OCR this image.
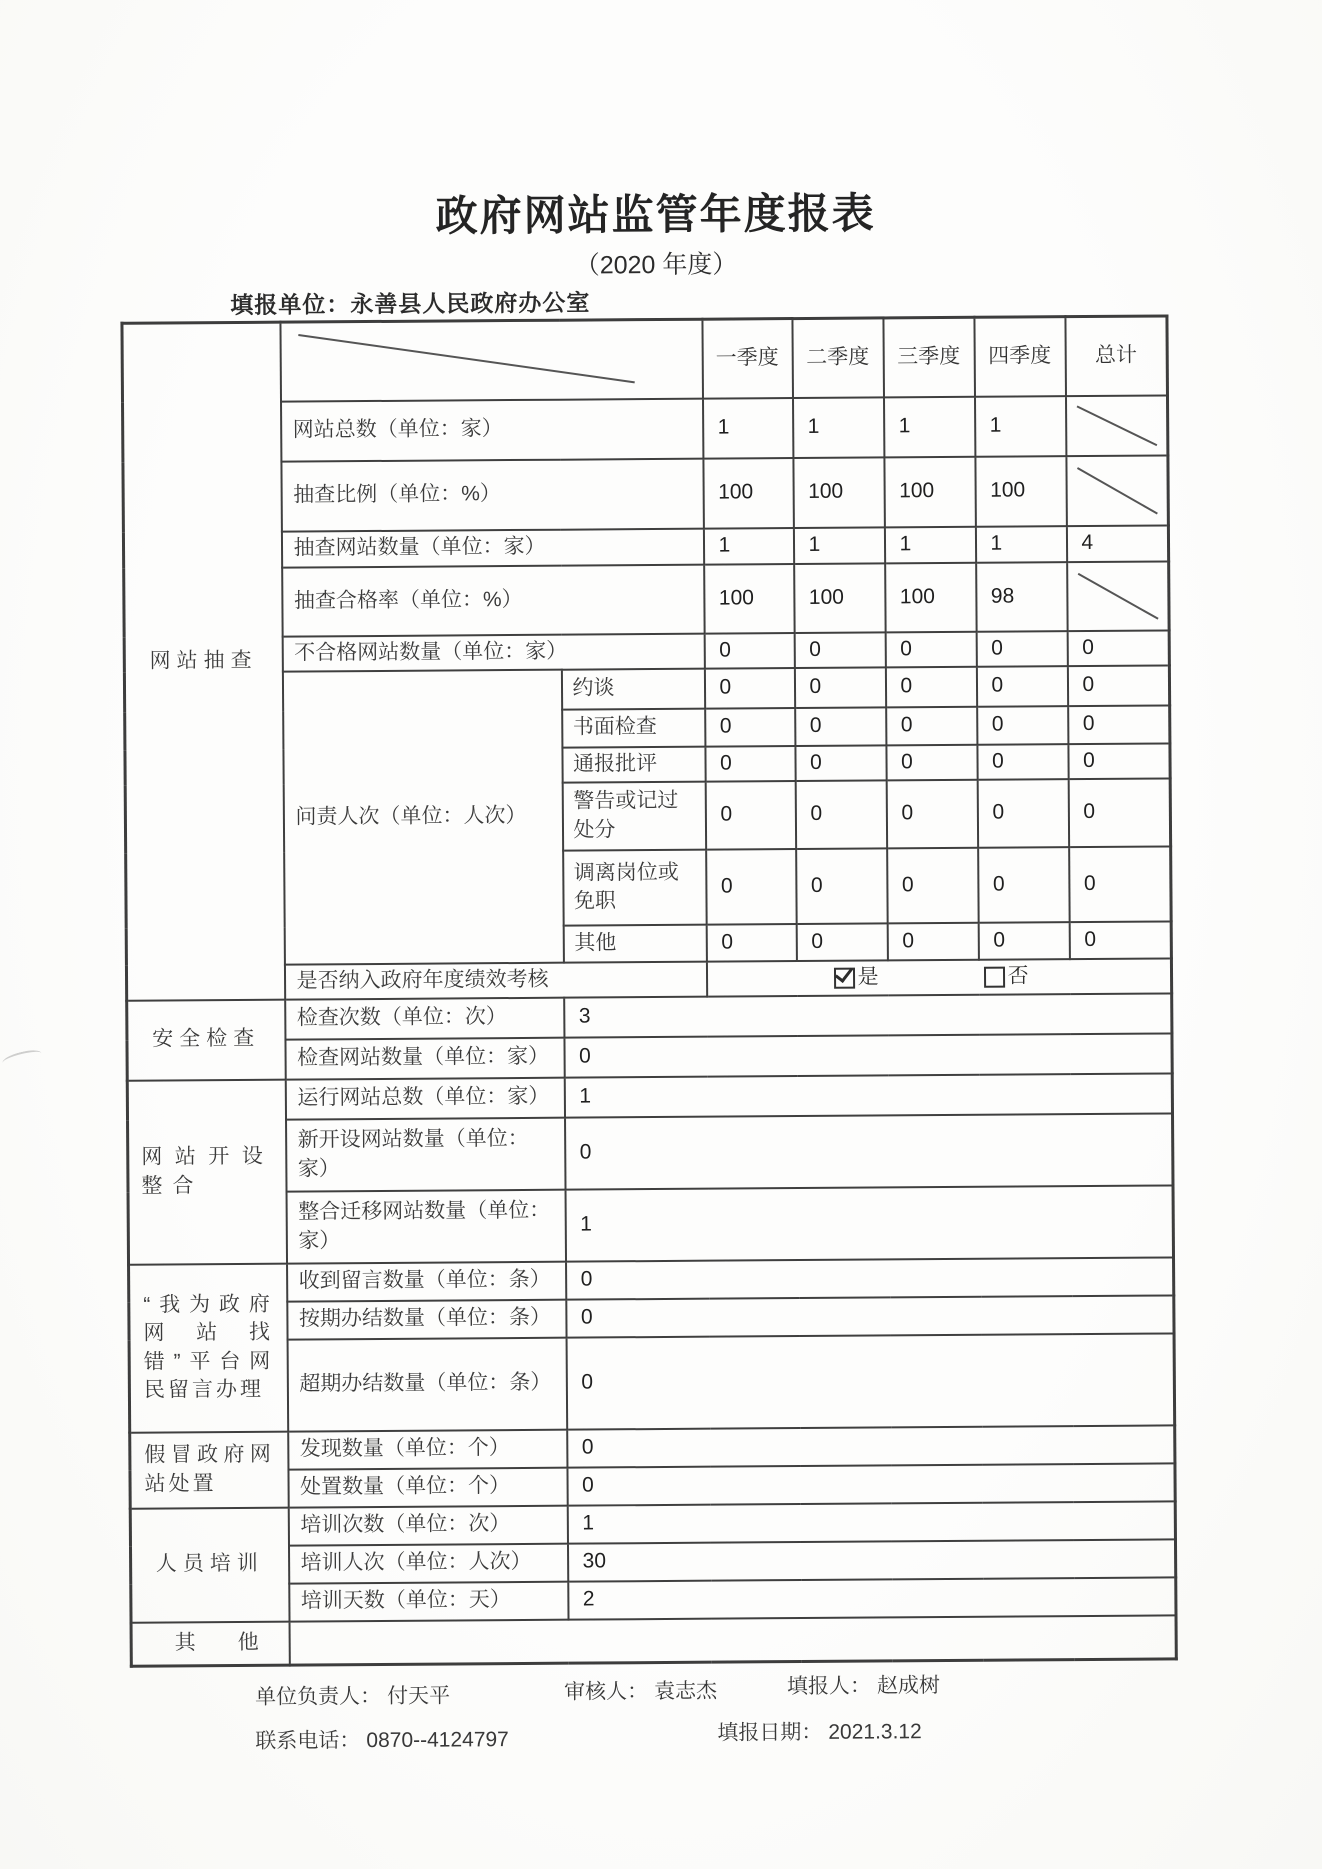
政府网站监管年度报表
（2020 年度）
填报单位：永善县人民政府办公室
网站抽查			一季度	二季度	三季度	四季度	总计
	网站总数（单位：家）		1	1	1	1	

	抽查比例（单位：%）		100	100	100	100	

	抽查网站数量（单位：家）		1	1	1	1	4
	抽查合格率（单位：%）		100	100	100	98	

	不合格网站数量（单位：家）		0	0	0	0	0
	问责人次（单位：人次）	约谈	0	0	0	0	0
		书面检查	0	0	0	0	0
		通报批评	0	0	0	0	0
		警告或记过处分	0	0	0	0	0
		调离岗位或免职	0	0	0	0	0
		其他	0	0	0	0	0
	是否纳入政府年度绩效考核		是 否				

安全检查	检查次数（单位：次）	3					
	检查网站数量（单位：家）	0					
网站开设整合	运行网站总数（单位：家）	1					
	新开设网站数量（单位：家）	0					
	整合迁移网站数量（单位：家）	1					
“我为政府网站找错”平台网民留言办理	收到留言数量（单位：条）	0					
	按期办结数量（单位：条）	0					
	超期办结数量（单位：条）	0					
假冒政府网站处置	发现数量（单位：个）	0					
	处置数量（单位：个）	0					
人员培训	培训次数（单位：次）	1					
	培训人次（单位：人次）	30					
	培训天数（单位：天）	2					
其　　他							
单位负责人： 付天平	审核人： 袁志杰	填报人： 赵成树
联系电话： 0870--4124797	填报日期： 2021.3.12
